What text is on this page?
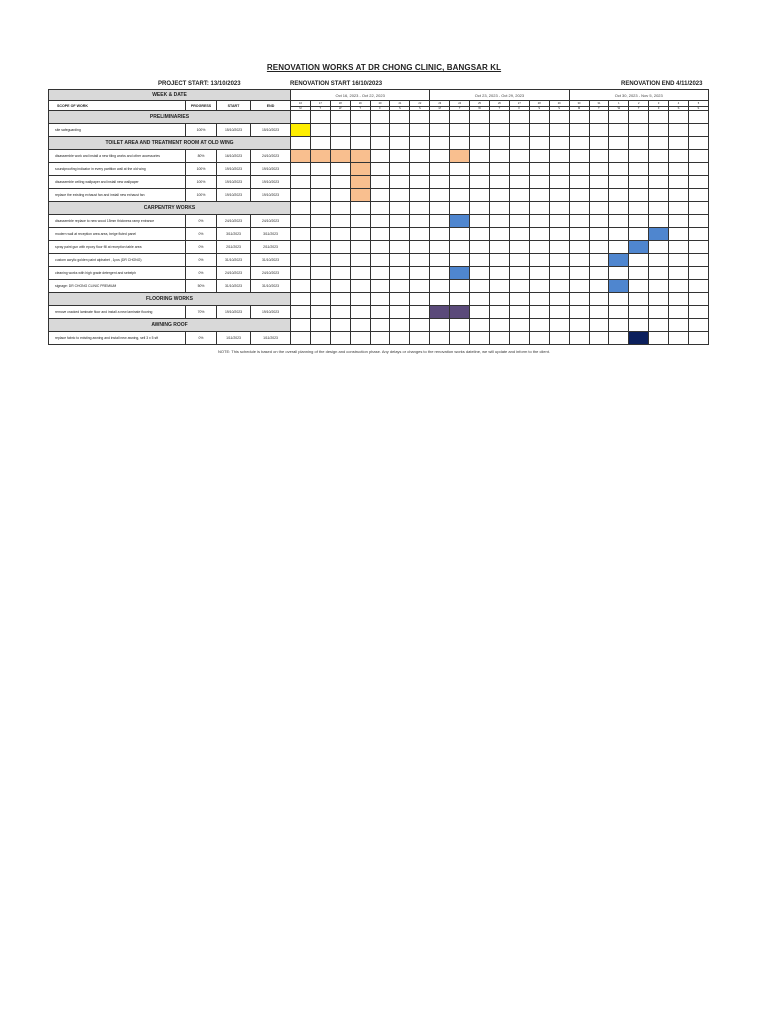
RENOVATION WORKS AT DR CHONG CLINIC, BANGSAR KL
PROJECT START: 13/10/2023	RENOVATION START 16/10/2023	RENOVATION END 4/11/2023
WEEK & DATE				Oct 16, 2023 - Oct 22, 2023							Oct 23, 2023 - Oct 29, 2023							Oct 30, 2023 - Nov 5, 2023						
SCOPE OF WORK	PROGRESS	START	END	16	17	18	19	20	21	22	23	24	25	26	27	28	29	30	31	1	2	3	4	5
				M	T	W	T	F	S	S	M	T	W	T	F	S	S	M	T	W	T	F	S	S
PRELIMINARIES																								
site safeguarding	100%	15/10/2023	15/10/2023																					
TOILET AREA AND TREATMENT ROOM AT OLD WING																								
disassemble work and install a new tiling works and other accessories	80%	16/10/2023	24/10/2023																					
soundproofing indicator in every partition wall at the old wing	100%	19/10/2023	19/10/2023																					
disassemble ceiling wallpaper and install new wallpaper	100%	19/10/2023	19/10/2023																					
replace the existing exhaust fan and install new exhaust fan	100%	19/10/2023	19/10/2023																					
CARPENTRY WORKS																								
disassemble replace to new wood 15mm thickness ramp entrance	0%	24/10/2023	24/10/2023																					
modern wall at reception area area, beige fluted panel	0%	3/11/2023	3/11/2023																					
spray paint gun with epoxy floor fill at reception table area	0%	2/11/2023	2/11/2023																					
custom acrylic golden paint alphabet , 1pcs (DR CHONG)	0%	31/10/2023	31/10/2023																					
cleaning works with high grade detergent and sebelph	0%	24/10/2023	24/10/2023																					
signage: DR CHONG CLINIC PREMIUM	50%	31/10/2023	31/10/2023																					
FLOORING WORKS																								
remove cracked laminate floor and install a new laminate flooring	70%	19/10/2023	19/10/2023																					
AWNING ROOF																								
replace fabric to existing awning and install new awning, sell 3 x 5 sft	0%	1/11/2023	1/11/2023																					
NOTE: This schedule is based on the overall planning of the design and construction phase. Any delays or changes to the renovation works dateline, we will update and inform to the client.
